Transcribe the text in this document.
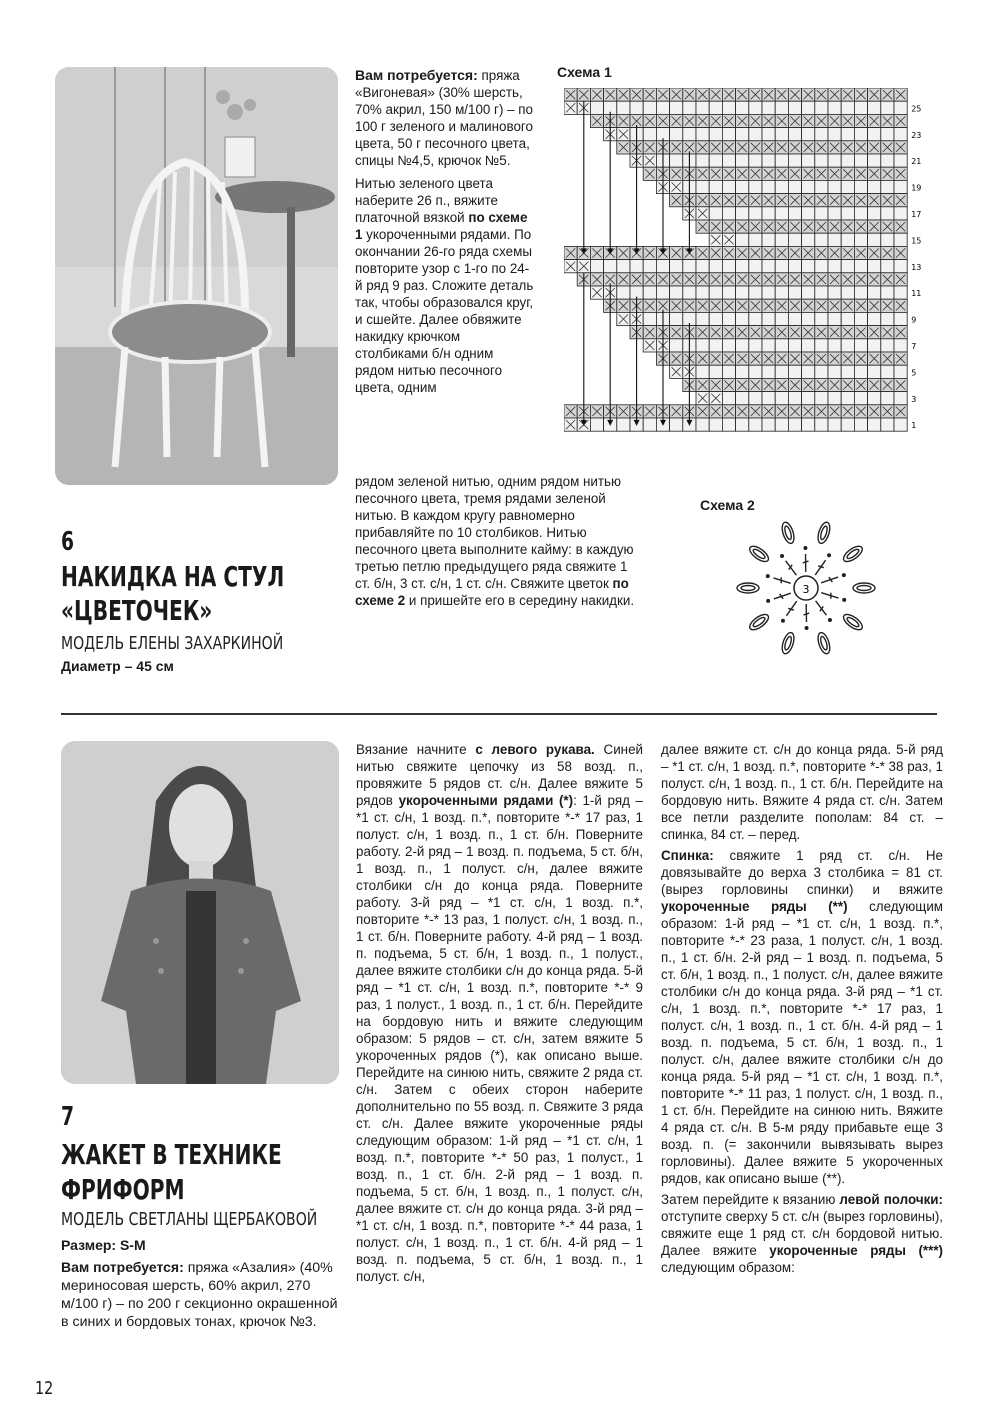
Вам потребуется: пряжа «Вигоневая» (30% шерсть, 70% акрил, 150 м/100 г) – по 100 г зеленого и малинового цвета, 50 г песочного цвета, спицы №4,5, крючок №5.

Нитью зеленого цвета наберите 26 п., вяжите платочной вязкой по схеме 1 укороченными рядами. По окончании 26-го ряда схемы повторите узор с 1-го по 24-й ряд 9 раз. Сложите деталь так, чтобы образовался круг, и сшейте. Далее обвяжите накидку крючком столбиками б/н одним рядом нитью песочного цвета, одним

рядом зеленой нитью, одним рядом нитью песочного цвета, тремя рядами зеленой нитью. В каждом кругу равномерно прибавляйте по 10 столбиков. Нитью песочного цвета выполните кайму: в каждую третью петлю предыдущего ряда свяжите 1 ст. б/н, 3 ст. с/н, 1 ст. с/н. Свяжите цветок по схеме 2 и пришейте его в середину накидки.

Схема 1
25
23
21
19
17
15
13
11
9
7
5
3
1
Схема 2
3
6
НАКИДКА НА СТУЛ
«ЦВЕТОЧЕК»
МОДЕЛЬ ЕЛЕНЫ ЗАХАРКИНОЙ
Диаметр – 45 см
7
ЖАКЕТ В ТЕХНИКЕ
ФРИФОРМ
МОДЕЛЬ СВЕТЛАНЫ ЩЕРБАКОВОЙ
Размер: S-M
Вам потребуется: пряжа «Азалия» (40% мериносовая шерсть, 60% акрил, 270 м/100 г) – по 200 г секционно окрашенной в синих и бордовых тонах, крючок №3.
Вязание начните с левого рукава. Синей нитью свяжите цепочку из 58 возд. п., провяжите 5 рядов ст. с/н. Далее вяжите 5 рядов укороченными рядами (*): 1-й ряд – *1 ст. с/н, 1 возд. п.*, повторите *-* 17 раз, 1 полуст. с/н, 1 возд. п., 1 ст. б/н. Поверните работу. 2-й ряд – 1 возд. п. подъема, 5 ст. б/н, 1 возд. п., 1 полуст. с/н, далее вяжите столбики с/н до конца ряда. Поверните работу. 3-й ряд – *1 ст. с/н, 1 возд. п.*, повторите *-* 13 раз, 1 полуст. с/н, 1 возд. п., 1 ст. б/н. Поверните работу. 4-й ряд – 1 возд. п. подъема, 5 ст. б/н, 1 возд. п., 1 полуст., далее вяжите столбики с/н до конца ряда. 5-й ряд – *1 ст. с/н, 1 возд. п.*, повторите *-* 9 раз, 1 полуст., 1 возд. п., 1 ст. б/н. Перейдите на бордовую нить и вяжите следующим образом: 5 рядов – ст. с/н, затем вяжите 5 укороченных рядов (*), как описано выше. Перейдите на синюю нить, свяжите 2 ряда ст. с/н. Затем с обеих сторон наберите дополнительно по 55 возд. п. Свяжите 3 ряда ст. с/н. Далее вяжите укороченные ряды следующим образом: 1-й ряд – *1 ст. с/н, 1 возд. п.*, повторите *-* 50 раз, 1 полуст., 1 возд. п., 1 ст. б/н. 2-й ряд – 1 возд. п. подъема, 5 ст. б/н, 1 возд. п., 1 полуст. с/н, далее вяжите ст. с/н до конца ряда. 3-й ряд – *1 ст. с/н, 1 возд. п.*, повторите *-* 44 раза, 1 полуст. с/н, 1 возд. п., 1 ст. б/н. 4-й ряд – 1 возд. п. подъема, 5 ст. б/н, 1 возд. п., 1 полуст. с/н,

далее вяжите ст. с/н до конца ряда. 5-й ряд – *1 ст. с/н, 1 возд. п.*, повторите *-* 38 раз, 1 полуст. с/н, 1 возд. п., 1 ст. б/н. Перейдите на бордовую нить. Вяжите 4 ряда ст. с/н. Затем все петли разделите пополам: 84 ст. – спинка, 84 ст. – перед.

Спинка: свяжите 1 ряд ст. с/н. Не довязывайте до верха 3 столбика = 81 ст. (вырез горловины спинки) и вяжите укороченные ряды (**) следующим образом: 1-й ряд – *1 ст. с/н, 1 возд. п.*, повторите *-* 23 раза, 1 полуст. с/н, 1 возд. п., 1 ст. б/н. 2-й ряд – 1 возд. п. подъема, 5 ст. б/н, 1 возд. п., 1 полуст. с/н, далее вяжите столбики с/н до конца ряда. 3-й ряд – *1 ст. с/н, 1 возд. п.*, повторите *-* 17 раз, 1 полуст. с/н, 1 возд. п., 1 ст. б/н. 4-й ряд – 1 возд. п. подъема, 5 ст. б/н, 1 возд. п., 1 полуст. с/н, далее вяжите столбики с/н до конца ряда. 5-й ряд – *1 ст. с/н, 1 возд. п.*, повторите *-* 11 раз, 1 полуст. с/н, 1 возд. п., 1 ст. б/н. Перейдите на синюю нить. Вяжите 4 ряда ст. с/н. В 5-м ряду прибавьте еще 3 возд. п. (= закончили вывязывать вырез горловины). Далее вяжите 5 укороченных рядов, как описано выше (**).

Затем перейдите к вязанию левой полочки: отступите сверху 5 ст. с/н (вырез горловины), свяжите еще 1 ряд ст. с/н бордовой нитью. Далее вяжите укороченные ряды (***) следующим образом:

12
